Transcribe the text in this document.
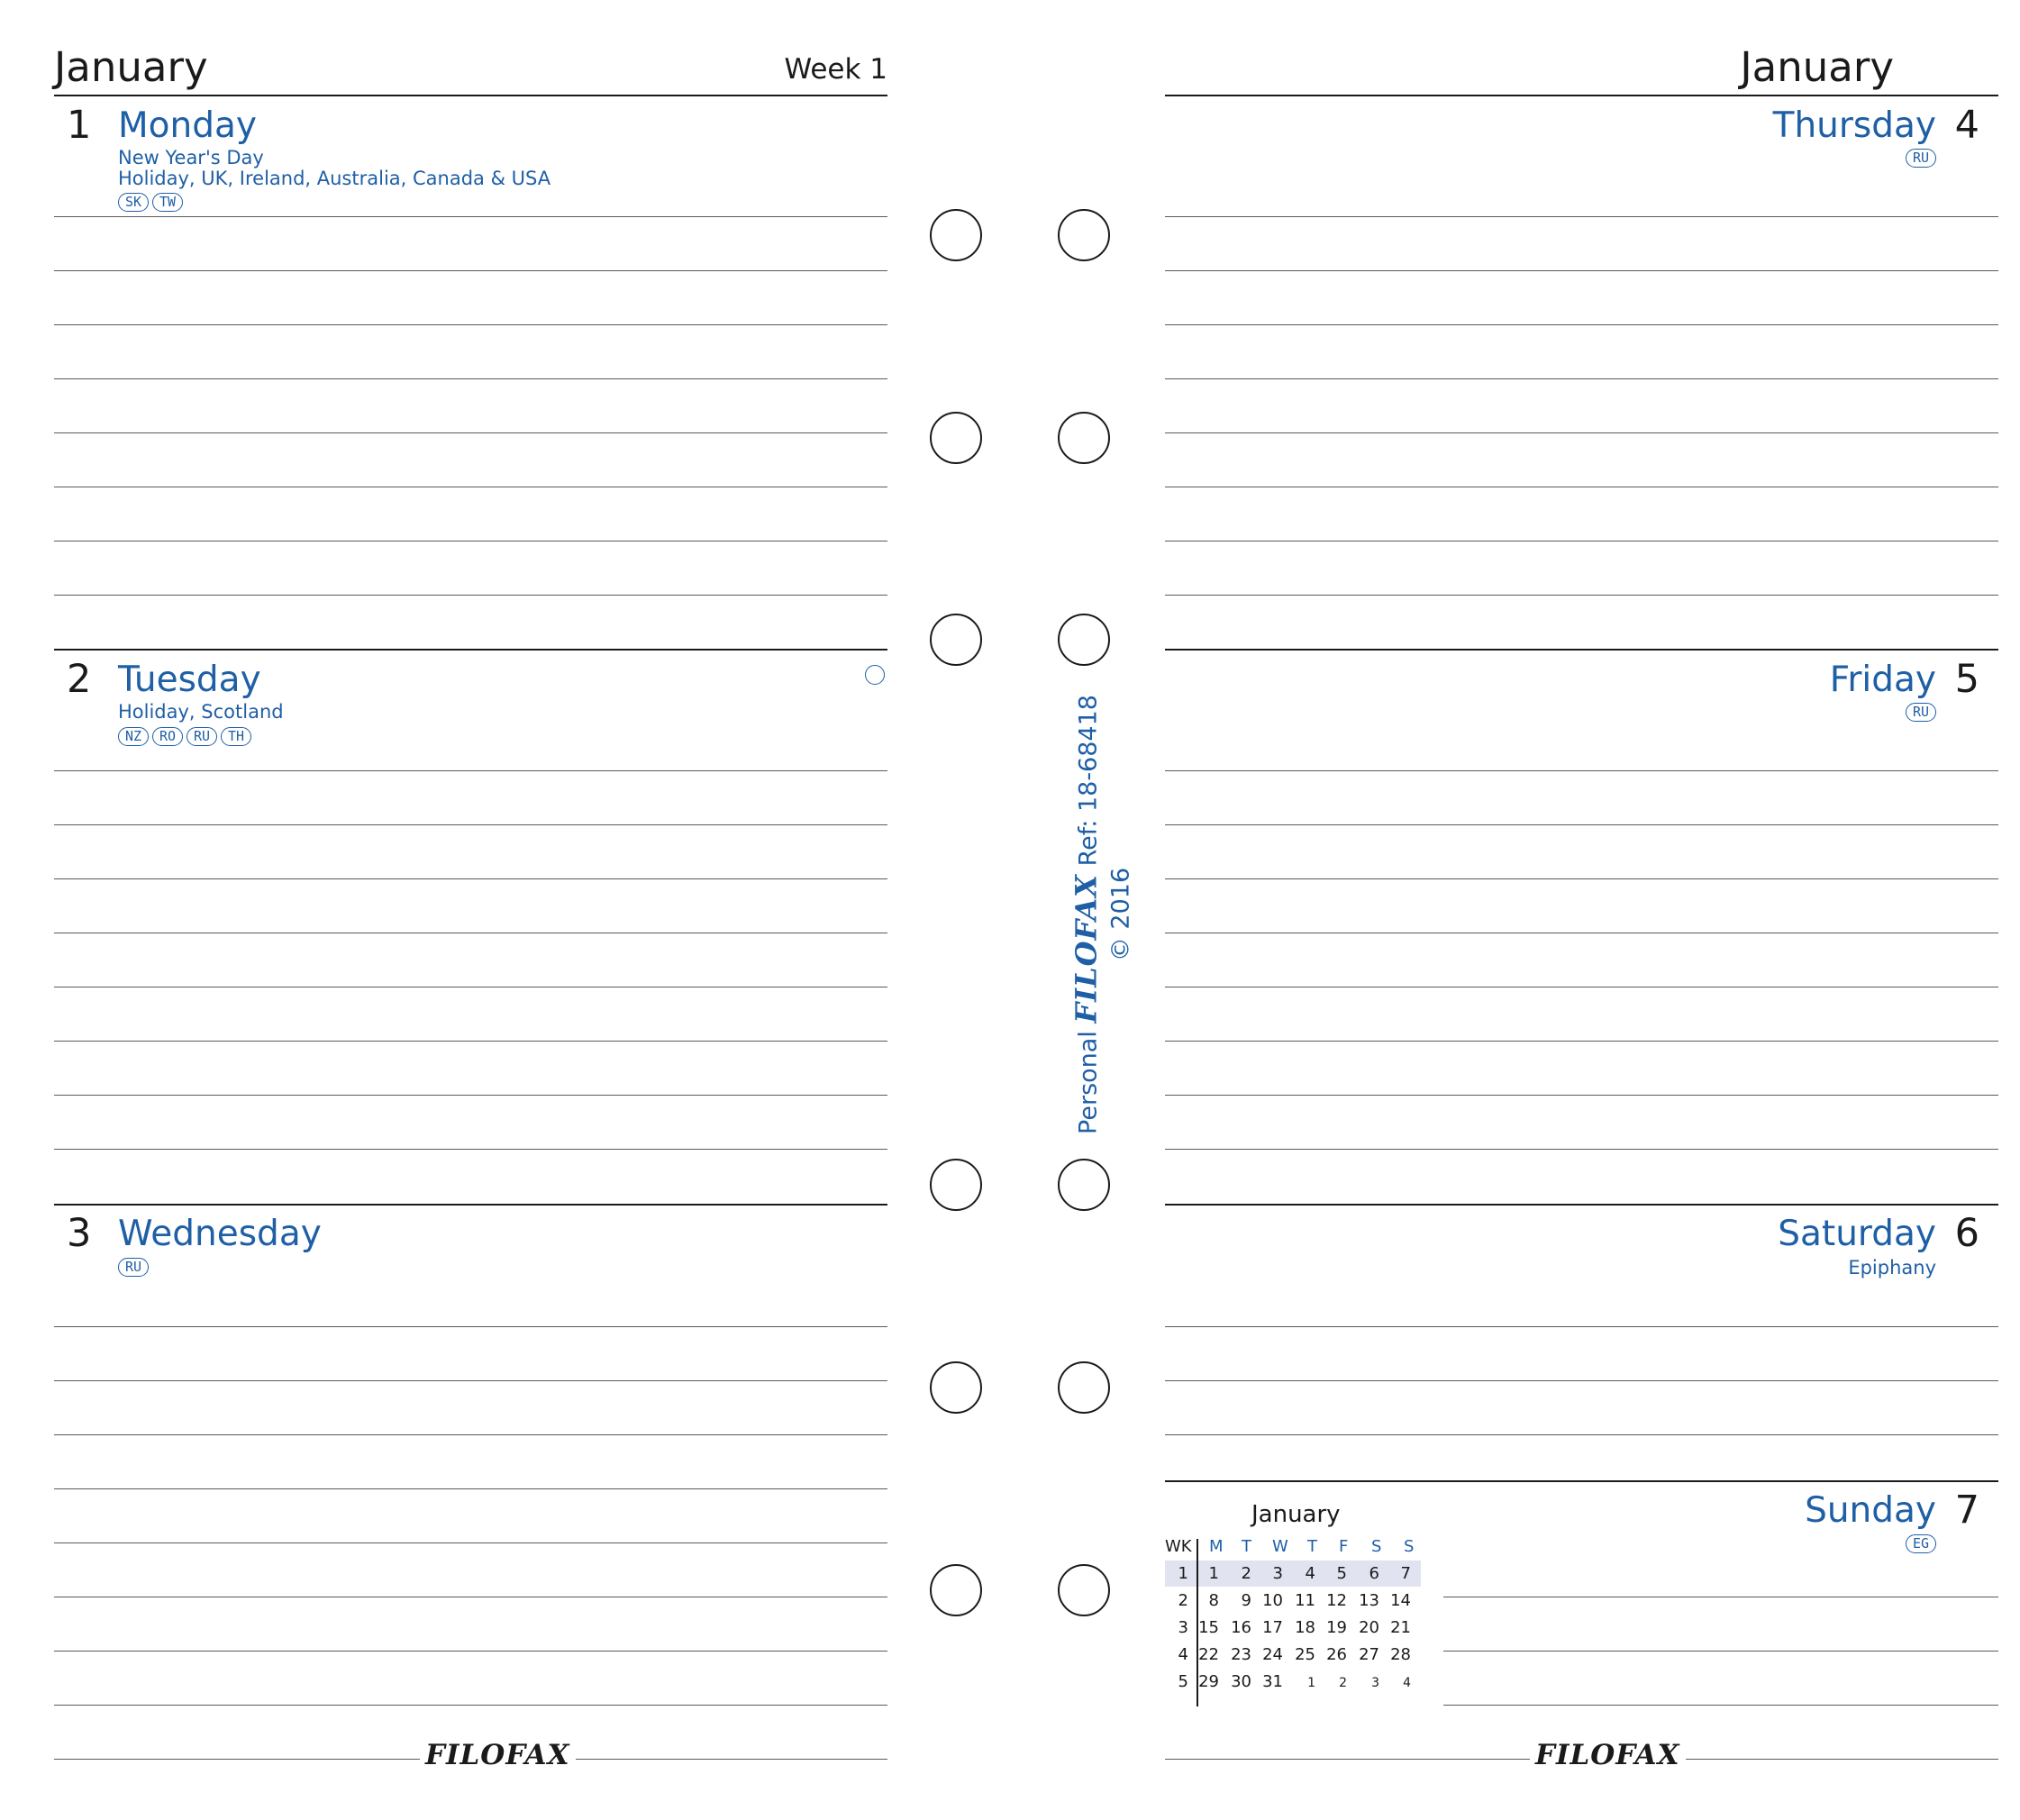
January	Week 1
1 Monday
New Year's Day
Holiday, UK, Ireland, Australia, Canada & USA
SK	TW
2 Tuesday
Holiday, Scotland
NZ	RO	RU	TH
3 Wednesday
RU
FILOFAX
January
Thursday 4
RU
Friday 5
RU
Saturday 6
Epiphany
Sunday 7
EG
January
WK M T W T F S S
1	1	2	3	4	5	6	7
2	8	9 10 11 12 13 14
3 15 16 17 18 19 20 21
4 22 23 24 25 26 27 28
5 29 30 31	1	2	3	4
FILOFAX
Personal FILOFAX Ref: 18-68418
© 2016
